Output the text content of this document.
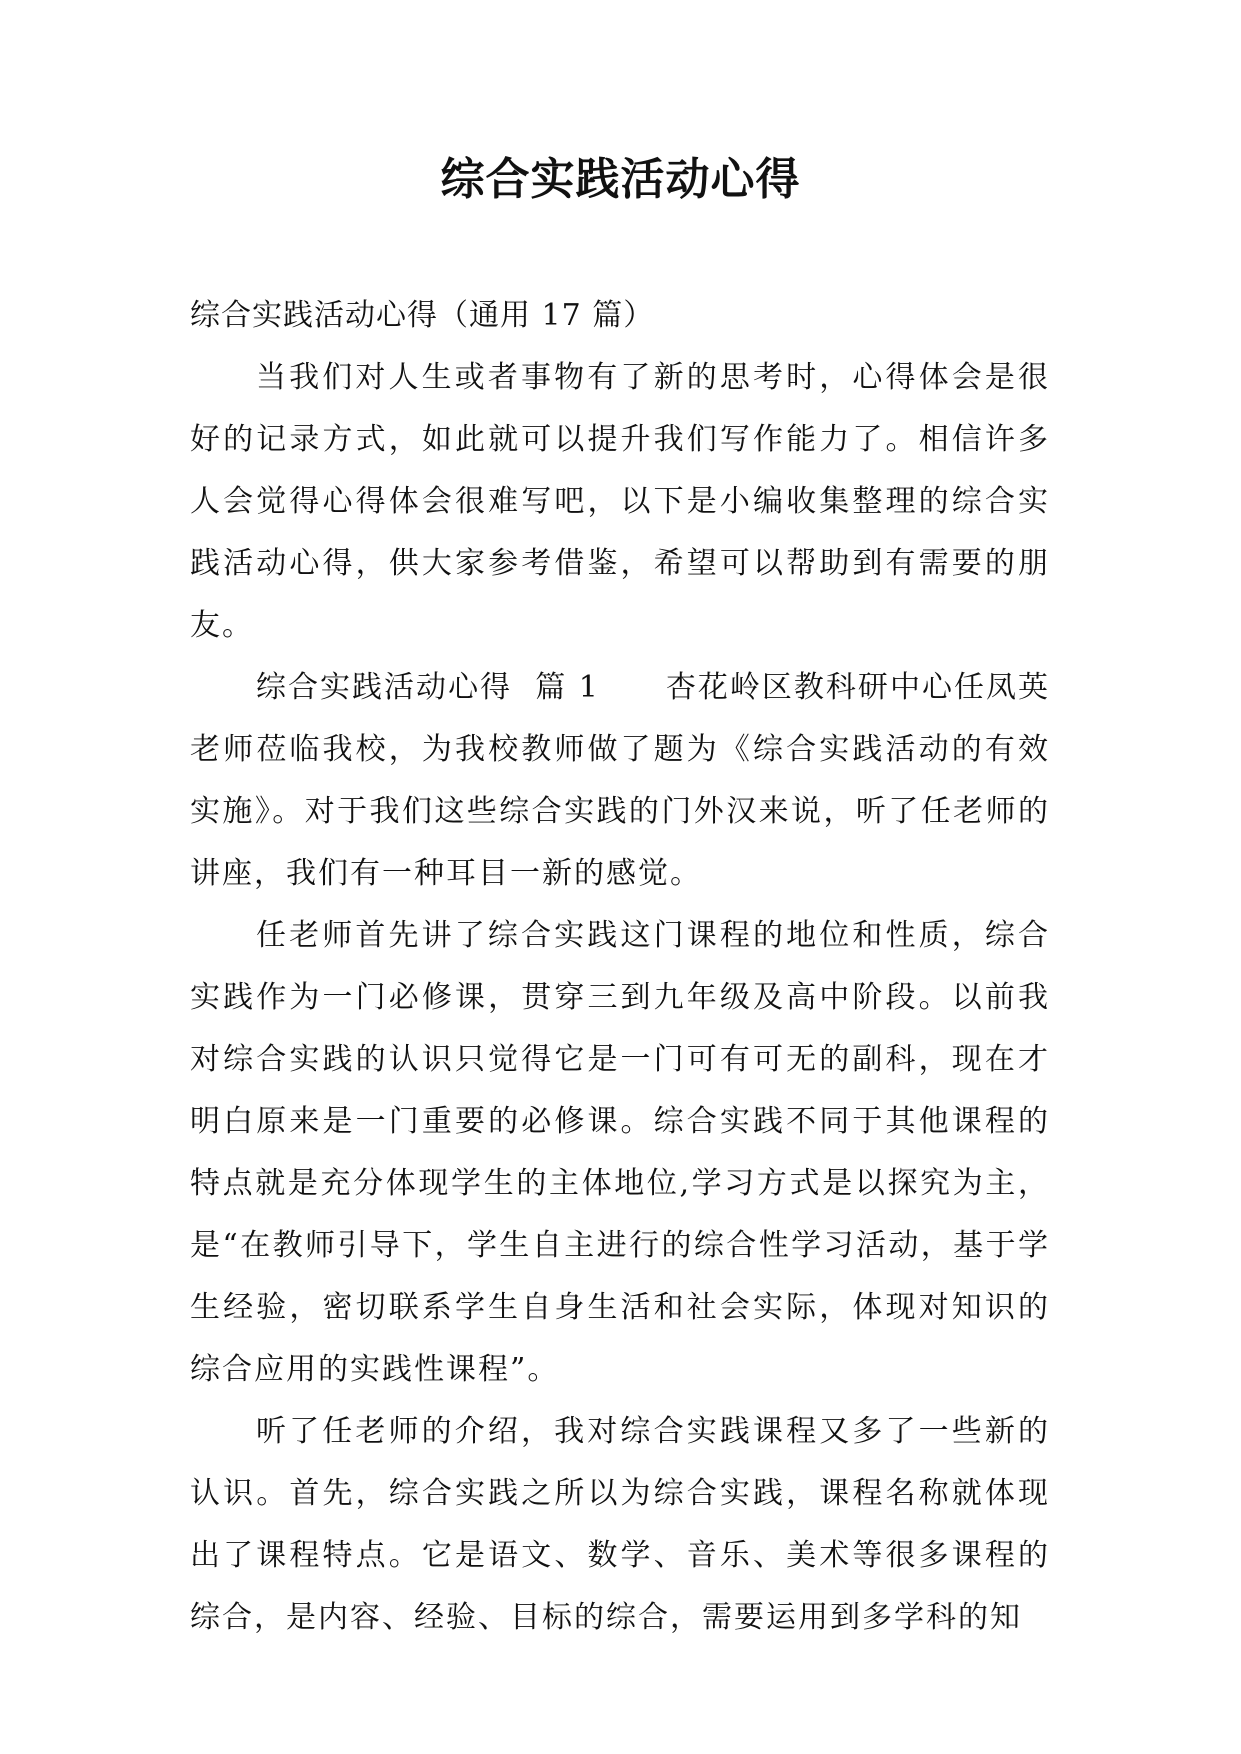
综合实践活动心得

综合实践活动心得（通用 17 篇）

当我们对人生或者事物有了新的思考时，心得体会是很好的记录方式，如此就可以提升我们写作能力了。相信许多人会觉得心得体会很难写吧，以下是小编收集整理的综合实践活动心得，供大家参考借鉴，希望可以帮助到有需要的朋友。

综合实践活动心得  篇 1 杏花岭区教科研中心任凤英老师莅临我校，为我校教师做了题为《综合实践活动的有效实施》。对于我们这些综合实践的门外汉来说，听了任老师的讲座，我们有一种耳目一新的感觉。

任老师首先讲了综合实践这门课程的地位和性质，综合实践作为一门必修课，贯穿三到九年级及高中阶段。以前我对综合实践的认识只觉得它是一门可有可无的副科，现在才明白原来是一门重要的必修课。综合实践不同于其他课程的特点就是充分体现学生的主体地位,学习方式是以探究为主，是“在教师引导下，学生自主进行的综合性学习活动，基于学生经验，密切联系学生自身生活和社会实际，体现对知识的综合应用的实践性课程”。

听了任老师的介绍，我对综合实践课程又多了一些新的认识。首先，综合实践之所以为综合实践，课程名称就体现出了课程特点。它是语文、数学、音乐、美术等很多课程的综合，是内容、经验、目标的综合，需要运用到多学科的知
